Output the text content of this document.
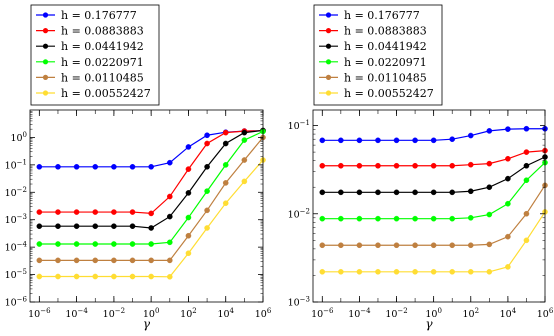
$10^{-6}$ $10^{-4}$ $10^{-2}$ $10^0$ $10^2$ $10^4$ $10^6$
$10^{-6}$
$10^{-5}$
$10^{-4}$
$10^{-3}$
$10^{-2}$
$10^{-1}$
$10^0$
γ
h = 0.176777
h = 0.0883883
h = 0.0441942
h = 0.0220971
h = 0.0110485
h = 0.00552427
$10^{-6}$ $10^{-4}$ $10^{-2}$ $10^0$ $10^2$ $10^4$ $10^6$
$10^{-3}$
$10^{-2}$
$10^{-1}$
γ
h = 0.176777
h = 0.0883883
h = 0.0441942
h = 0.0220971
h = 0.0110485
h = 0.00552427
